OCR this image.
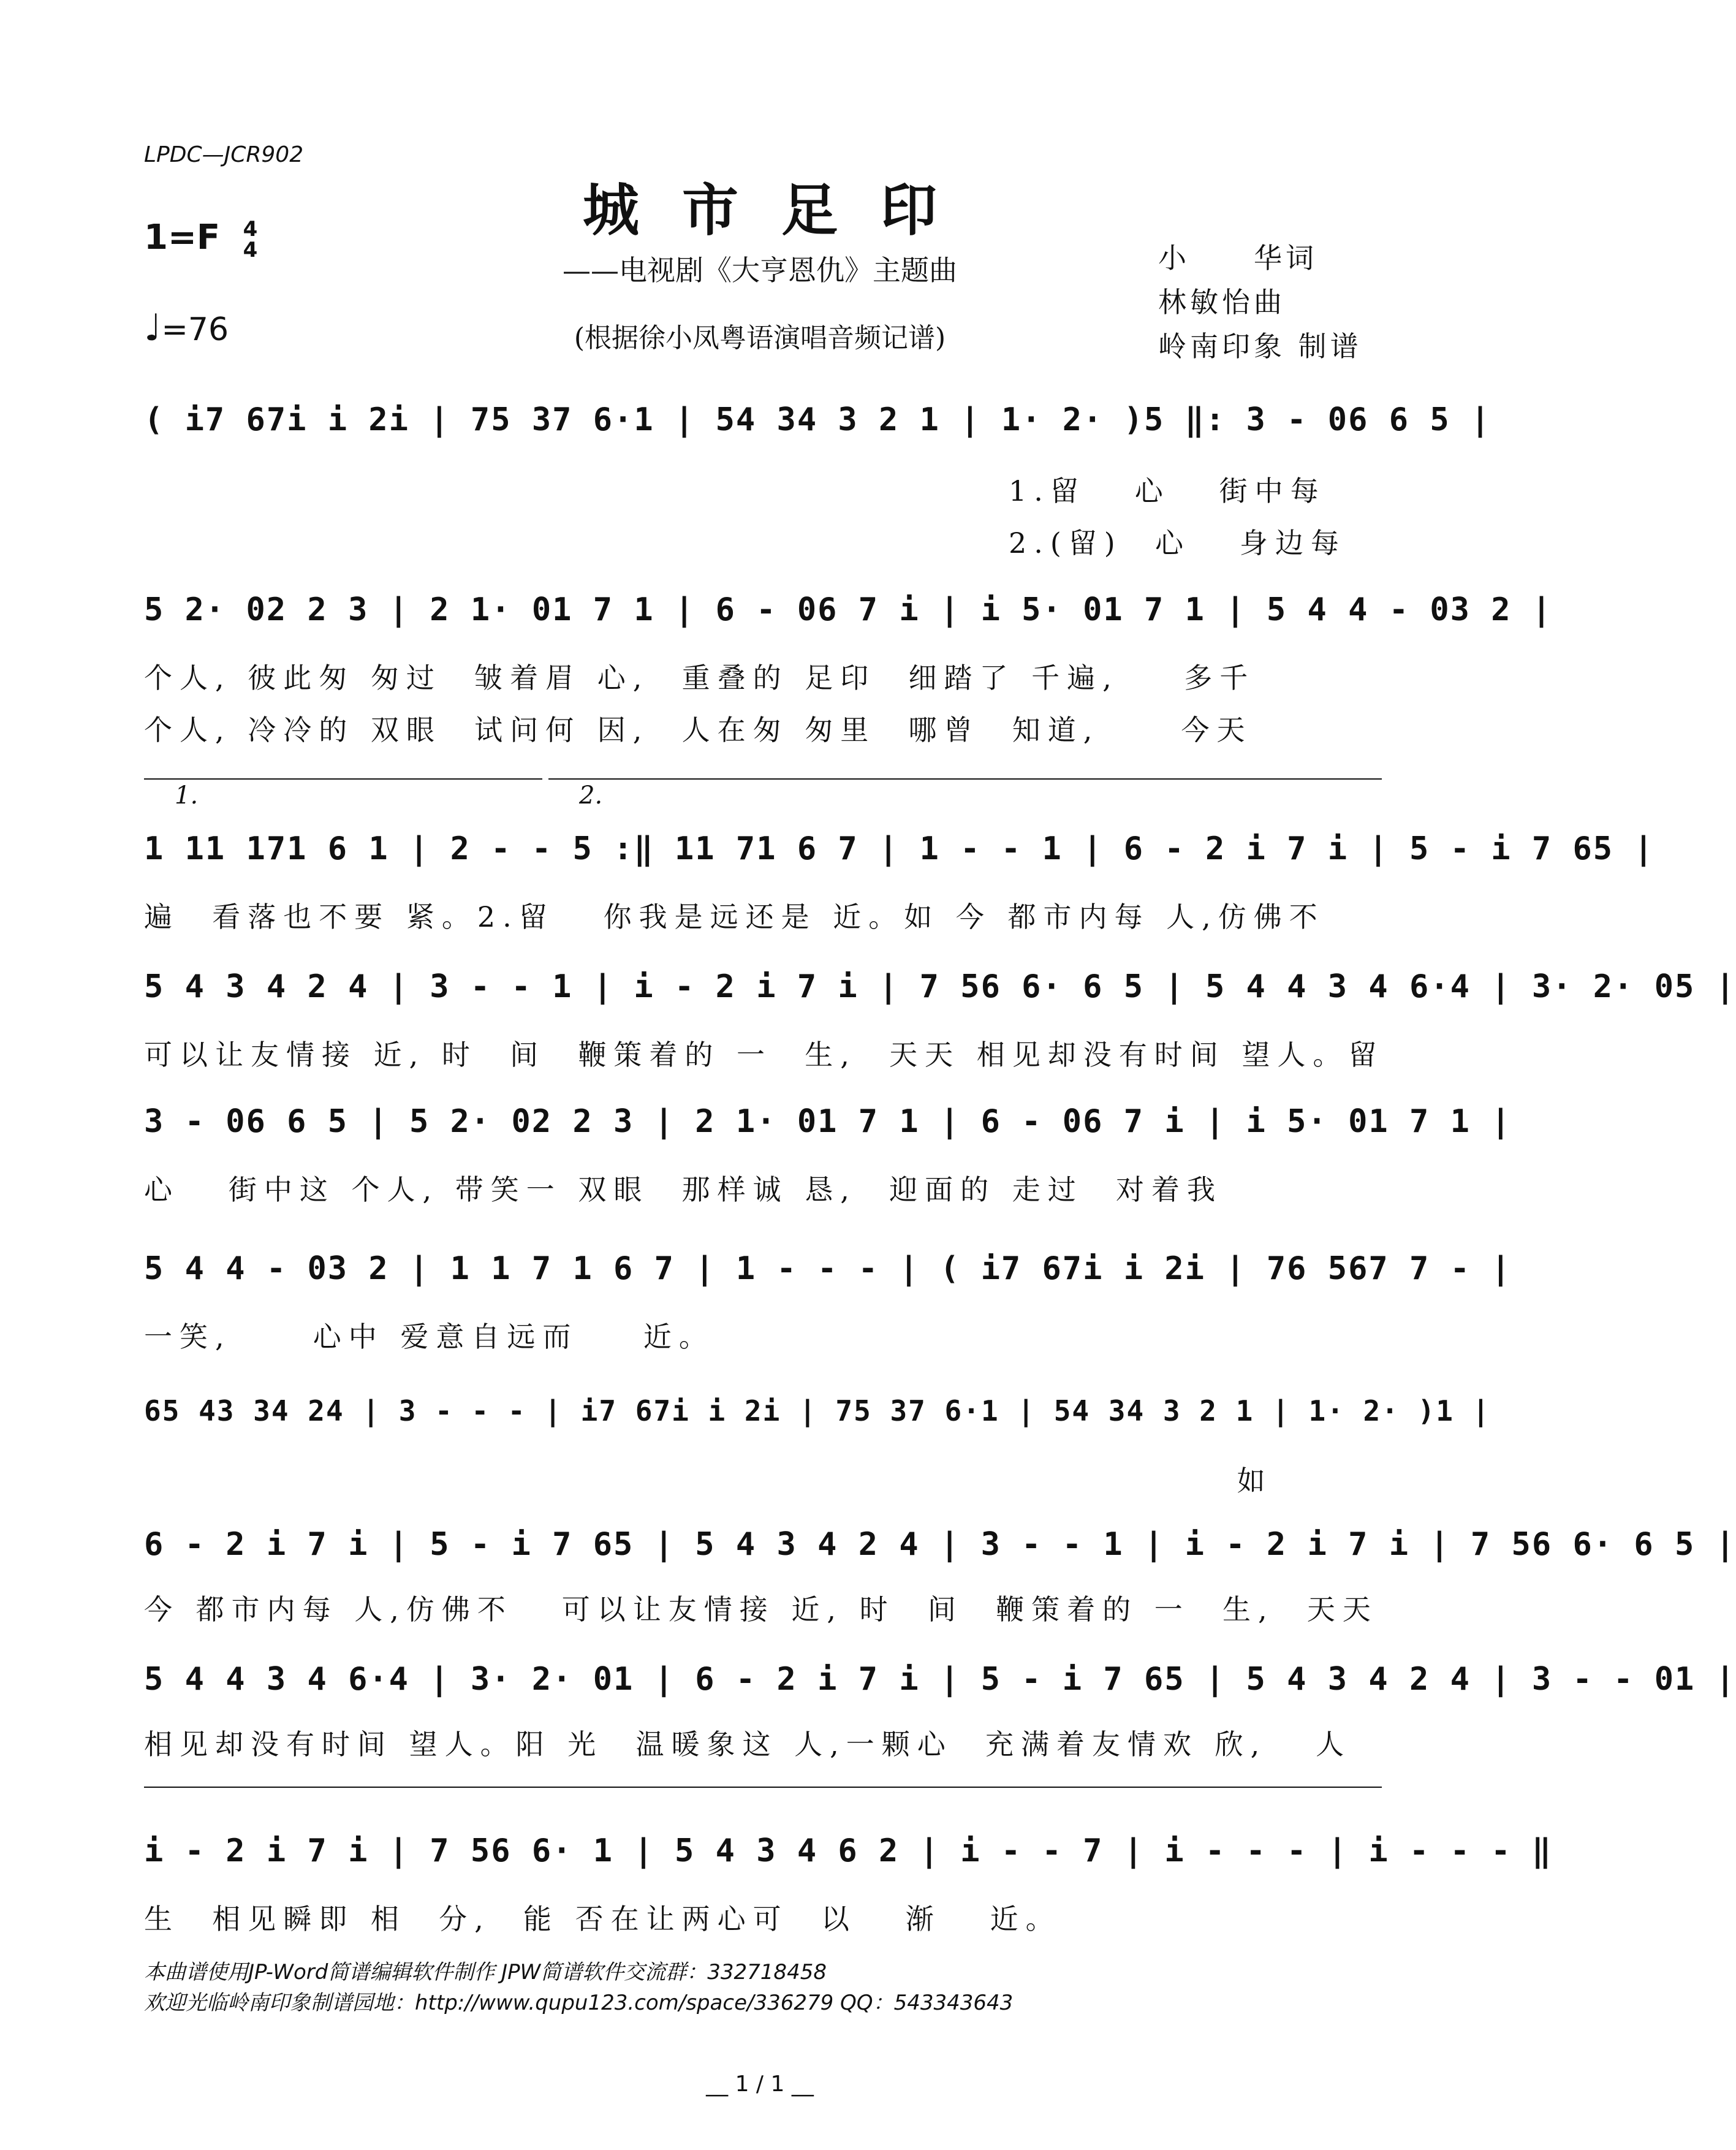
LPDC—JCR902
城市足印
——电视剧《大亨恩仇》主题曲
(根据徐小凤粤语演唱音频记谱)
1=F 4
4
♩=76
小　　华词
林敏怡曲
岭南印象 制谱
( i7 67i i 2i | 75 37 6·1 | 54 34 3 2 1 | 1· 2· )5 ‖: 3 - 06 6 5 |
1.留   心   街中每
2.(留)  心   身边每
5 2· 02 2 3 | 2 1· 01 7 1 | 6 - 06 7 i | i 5· 01 7 1 | 5 4 4 - 03 2 |
个人, 彼此匆 匆过  皱着眉 心,  重叠的 足印  细踏了 千遍,    多千
个人, 冷冷的 双眼  试问何 因,  人在匆 匆里  哪曾  知道,     今天
1.	2.
1 11 171 6 1 | 2 - - 5 :‖ 11 71 6 7 | 1 - - 1 | 6 - 2 i 7 i | 5 - i 7 65 |
遍  看落也不要 紧。2.留   你我是远还是 近。如 今 都市内每 人,仿佛不
5 4 3 4 2 4 | 3 - - 1 | i - 2 i 7 i | 7 56 6· 6 5 | 5 4 4 3 4 6·4 | 3· 2· 05 |
可以让友情接 近, 时  间  鞭策着的 一  生,  天天 相见却没有时间 望人。留
3 - 06 6 5 | 5 2· 02 2 3 | 2 1· 01 7 1 | 6 - 06 7 i | i 5· 01 7 1 |
心   街中这 个人, 带笑一 双眼  那样诚 恳,  迎面的 走过  对着我
5 4 4 - 03 2 | 1 1 7 1 6 7 | 1 - - - | ( i7 67i i 2i | 76 567 7 - |
一笑,     心中 爱意自远而    近。
65 43 34 24 | 3 - - - | i7 67i i 2i | 75 37 6·1 | 54 34 3 2 1 | 1· 2· )1 |
如
6 - 2 i 7 i | 5 - i 7 65 | 5 4 3 4 2 4 | 3 - - 1 | i - 2 i 7 i | 7 56 6· 6 5 |
今 都市内每 人,仿佛不   可以让友情接 近, 时  间  鞭策着的 一  生,  天天
5 4 4 3 4 6·4 | 3· 2· 01 | 6 - 2 i 7 i | 5 - i 7 65 | 5 4 3 4 2 4 | 3 - - 01 |
相见却没有时间 望人。阳 光  温暖象这 人,一颗心  充满着友情欢 欣,   人
i - 2 i 7 i | 7 56 6· 1 | 5 4 3 4 6 2 | i - - 7 | i - - - | i - - - ‖
生  相见瞬即 相  分,  能 否在让两心可  以   渐   近。
本曲谱使用JP-Word简谱编辑软件制作 JPW简谱软件交流群：332718458
欢迎光临岭南印象制谱园地：http://www.qupu123.com/space/336279 QQ：543343643
__ 1 / 1 __
